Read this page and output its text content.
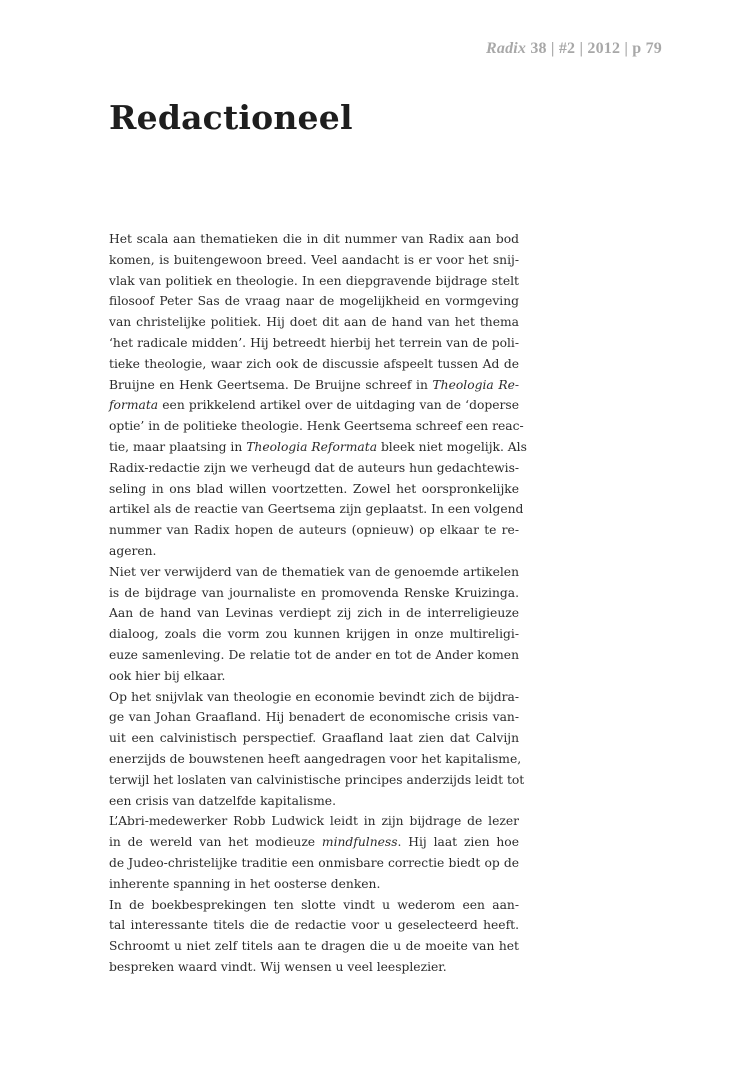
Radix 38 | #2 | 2012 | p 79
Redactioneel
Het scala aan thematieken die in dit nummer van Radix aan bod
komen, is buitengewoon breed. Veel aandacht is er voor het snij-
vlak van politiek en theologie. In een diepgravende bijdrage stelt
filosoof Peter Sas de vraag naar de mogelijkheid en vormgeving
van christelijke politiek. Hij doet dit aan de hand van het thema
‘het radicale midden’. Hij betreedt hierbij het terrein van de poli-
tieke theologie, waar zich ook de discussie afspeelt tussen Ad de
Bruijne en Henk Geertsema. De Bruijne schreef in Theologia Re-
formata een prikkelend artikel over de uitdaging van de ‘doperse
optie’ in de politieke theologie. Henk Geertsema schreef een reac-
tie, maar plaatsing in Theologia Reformata bleek niet mogelijk. Als
Radix-redactie zijn we verheugd dat de auteurs hun gedachtewis-
seling in ons blad willen voortzetten. Zowel het oorspronkelijke
artikel als de reactie van Geertsema zijn geplaatst. In een volgend
nummer van Radix hopen de auteurs (opnieuw) op elkaar te re-
ageren.
Niet ver verwijderd van de thematiek van de genoemde artikelen
is de bijdrage van journaliste en promovenda Renske Kruizinga.
Aan de hand van Levinas verdiept zij zich in de interreligieuze
dialoog, zoals die vorm zou kunnen krijgen in onze multireligi-
euze samenleving. De relatie tot de ander en tot de Ander komen
ook hier bij elkaar.
Op het snijvlak van theologie en economie bevindt zich de bijdra-
ge van Johan Graafland. Hij benadert de economische crisis van-
uit een calvinistisch perspectief. Graafland laat zien dat Calvijn
enerzijds de bouwstenen heeft aangedragen voor het kapitalisme,
terwijl het loslaten van calvinistische principes anderzijds leidt tot
een crisis van datzelfde kapitalisme.
L’Abri-medewerker Robb Ludwick leidt in zijn bijdrage de lezer
in de wereld van het modieuze mindfulness. Hij laat zien hoe
de Judeo-christelijke traditie een onmisbare correctie biedt op de
inherente spanning in het oosterse denken.
In de boekbesprekingen ten slotte vindt u wederom een aan-
tal interessante titels die de redactie voor u geselecteerd heeft.
Schroomt u niet zelf titels aan te dragen die u de moeite van het
bespreken waard vindt. Wij wensen u veel leesplezier.
